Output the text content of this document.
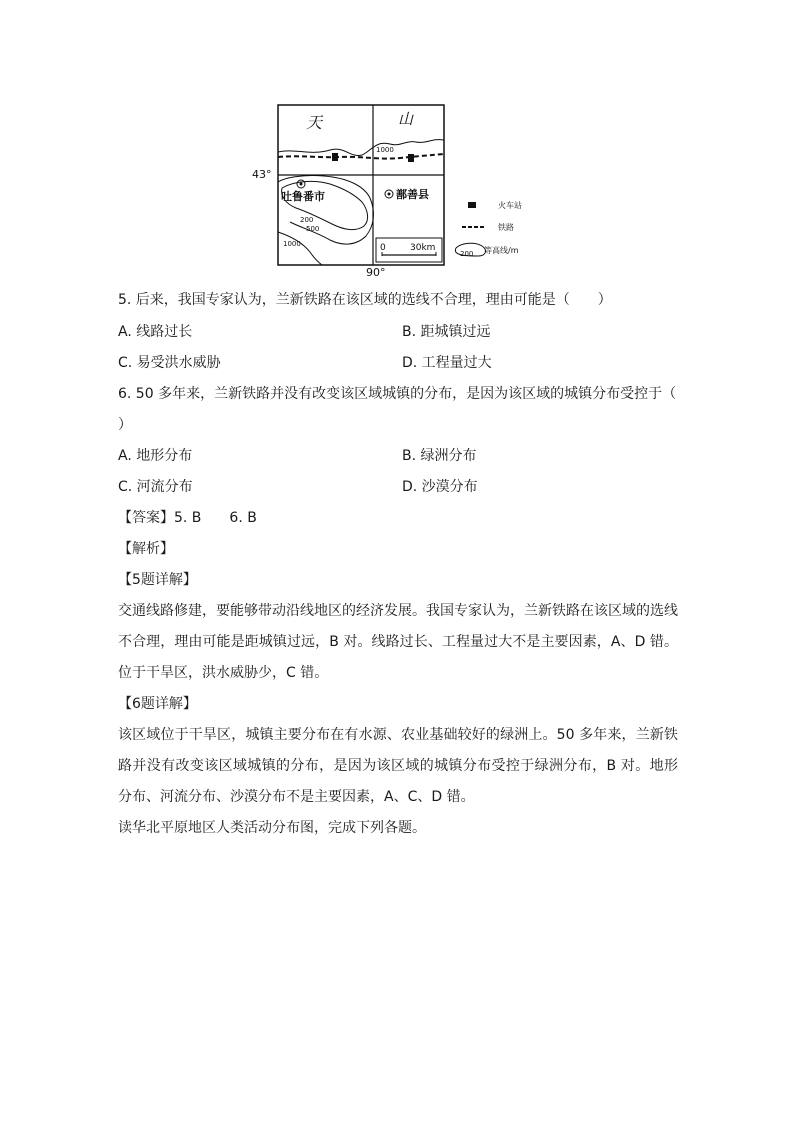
天	山
1000
43°
90°
吐鲁番市	鄯善县
200
500
1000	0	30km
火车站
铁路
200 等高线/m
5. 后来，我国专家认为，兰新铁路在该区域的选线不合理，理由可能是（　　）
A. 线路过长	B. 距城镇过远
C. 易受洪水威胁	D. 工程量过大
6. 50 多年来，兰新铁路并没有改变该区域城镇的分布，是因为该区域的城镇分布受控于（
）
A. 地形分布	B. 绿洲分布
C. 河流分布	D. 沙漠分布
【答案】5. B　　6. B
【解析】
【5题详解】
交通线路修建，要能够带动沿线地区的经济发展。我国专家认为，兰新铁路在该区域的选线不合理，理由可能是距城镇过远，B 对。线路过长、工程量过大不是主要因素，A、D 错。位于干旱区，洪水威胁少，C 错。
【6题详解】
该区域位于干旱区，城镇主要分布在有水源、农业基础较好的绿洲上。50 多年来，兰新铁路并没有改变该区域城镇的分布，是因为该区域的城镇分布受控于绿洲分布，B 对。地形分布、河流分布、沙漠分布不是主要因素，A、C、D 错。
读华北平原地区人类活动分布图，完成下列各题。
